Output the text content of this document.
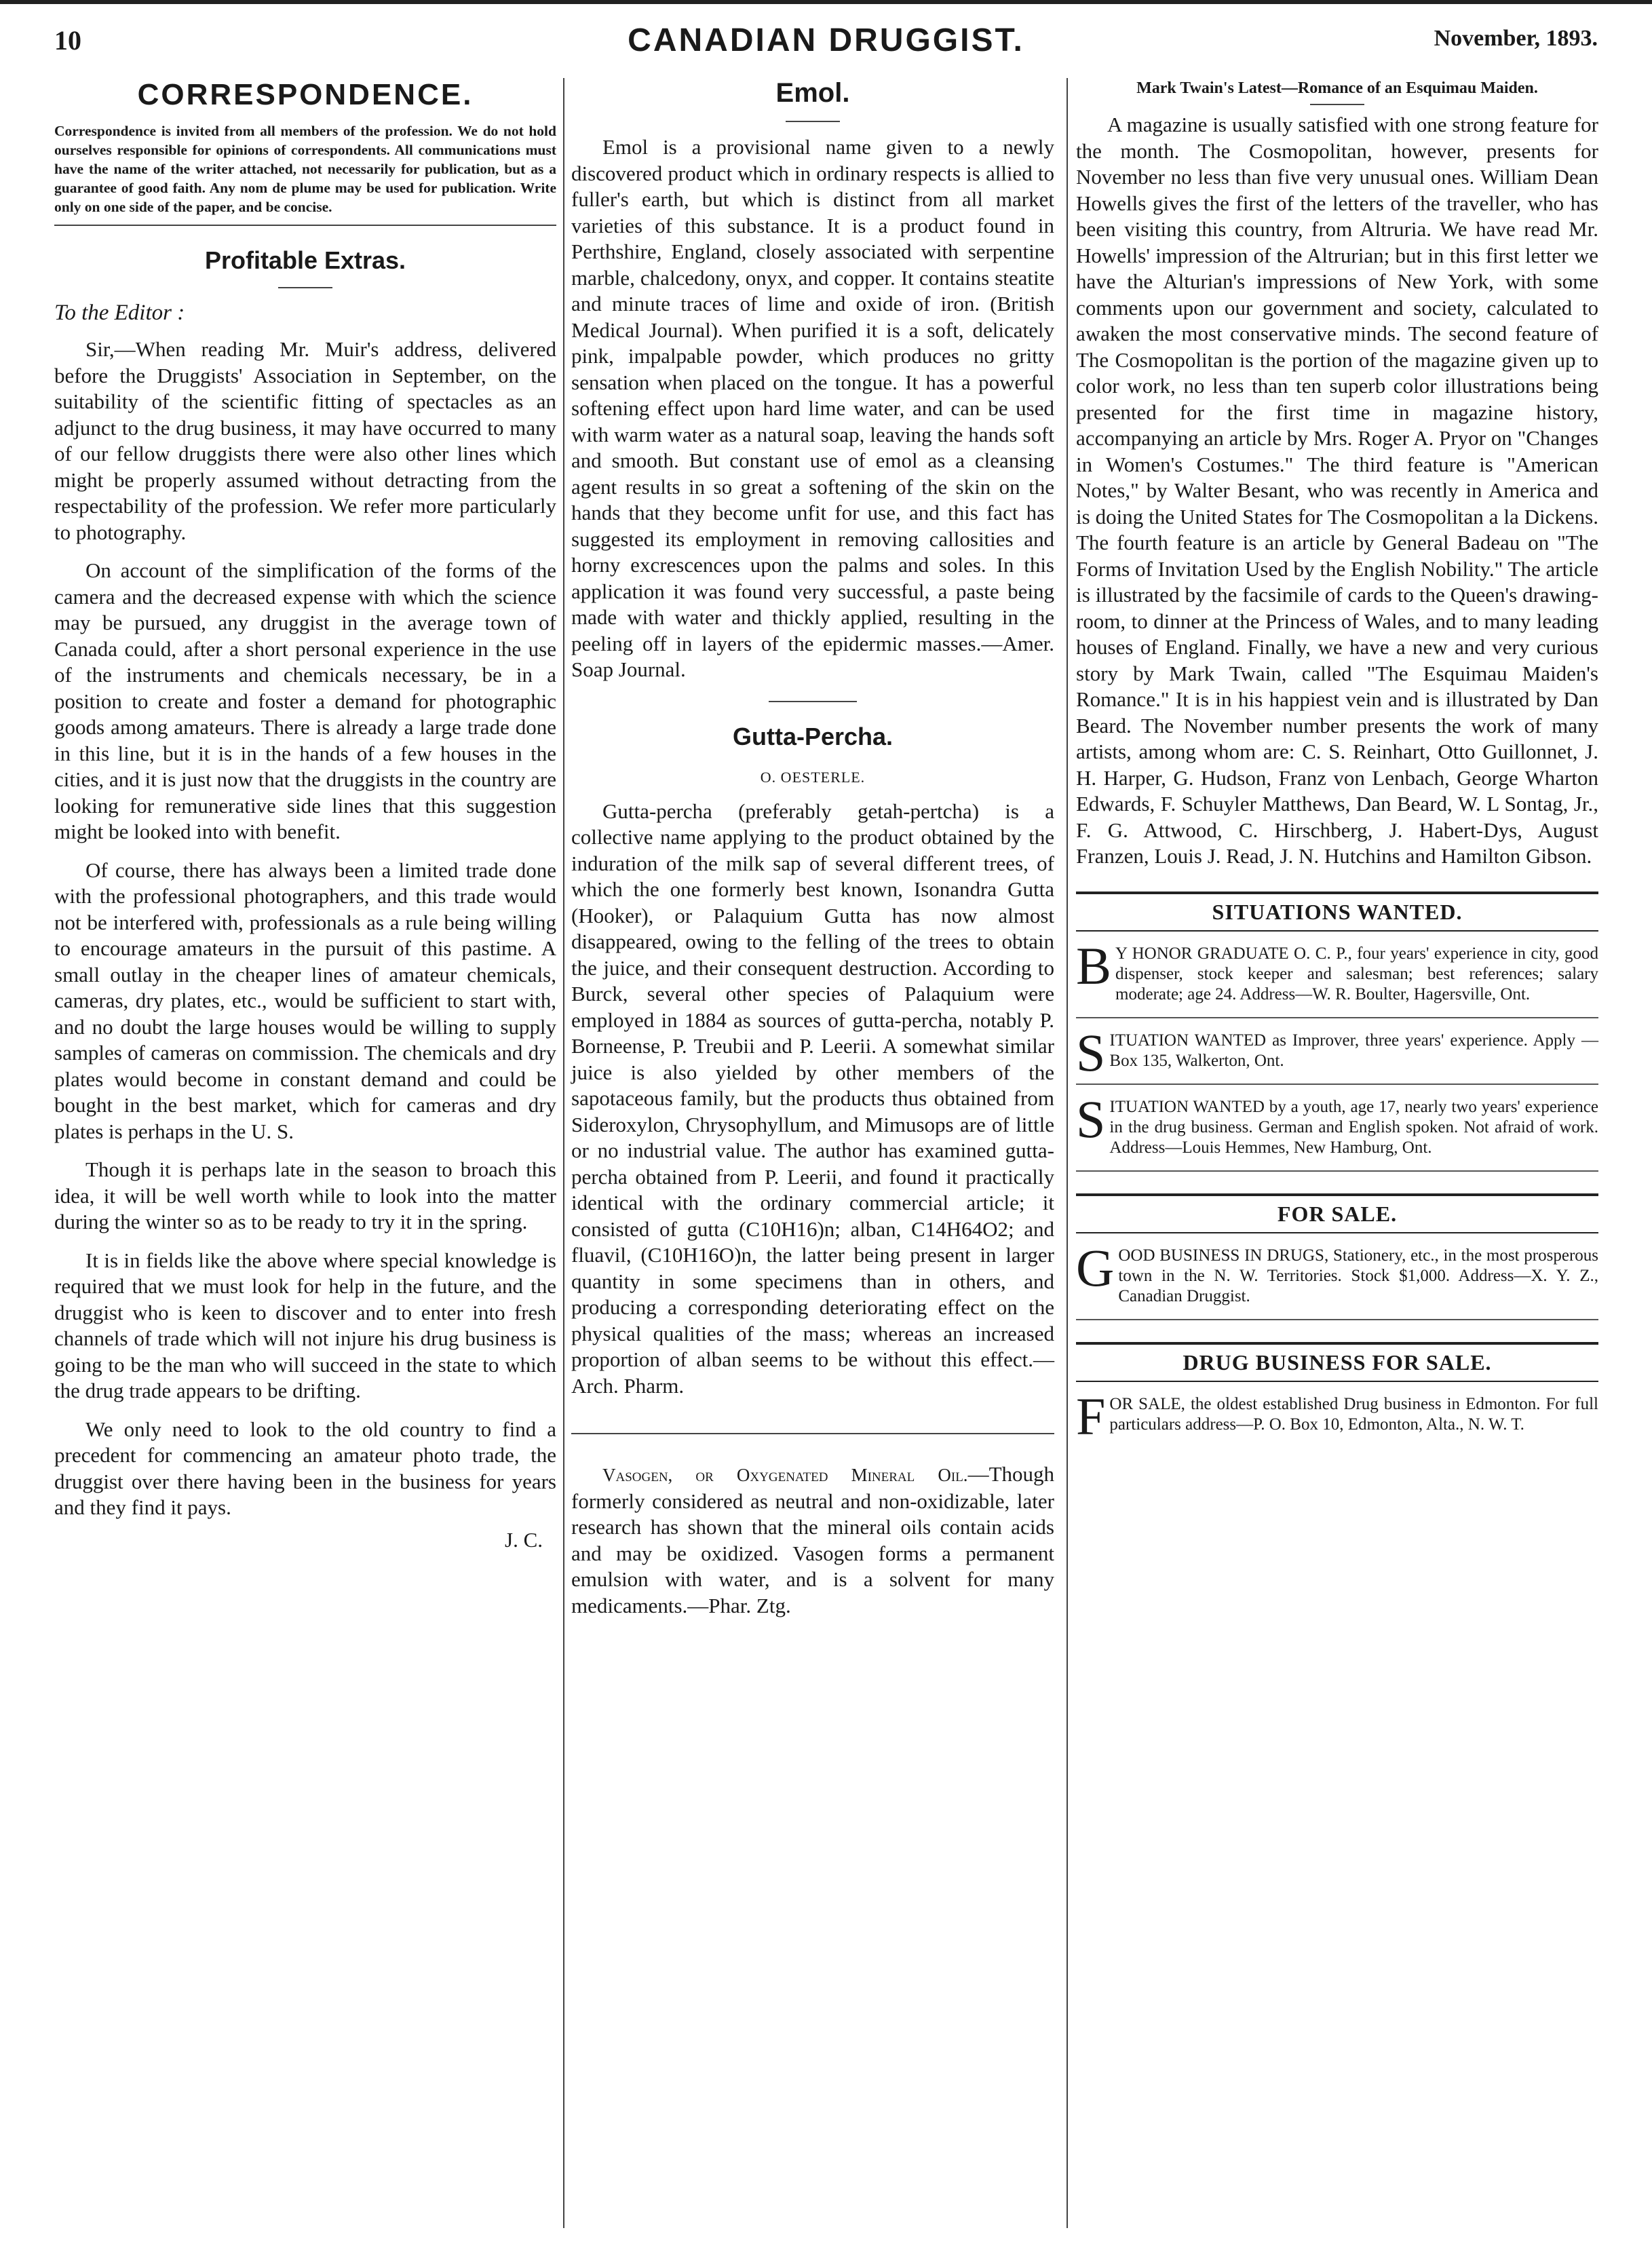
10	CANADIAN DRUGGIST.	November, 1893.
CORRESPONDENCE.
Correspondence is invited from all members of the profession. We do not hold ourselves responsible for opinions of correspondents. All communications must have the name of the writer attached, not necessarily for publication, but as a guarantee of good faith. Any nom de plume may be used for publication. Write only on one side of the paper, and be concise.
Profitable Extras.
To the Editor :

Sir,—When reading Mr. Muir's address, delivered before the Druggists' Association in September, on the suitability of the scientific fitting of spectacles as an adjunct to the drug business, it may have occurred to many of our fellow druggists there were also other lines which might be properly assumed without detracting from the respectability of the profession. We refer more particularly to photography.

On account of the simplification of the forms of the camera and the decreased expense with which the science may be pursued, any druggist in the average town of Canada could, after a short personal experience in the use of the instruments and chemicals necessary, be in a position to create and foster a demand for photographic goods among amateurs. There is already a large trade done in this line, but it is in the hands of a few houses in the cities, and it is just now that the druggists in the country are looking for remunerative side lines that this suggestion might be looked into with benefit.

Of course, there has always been a limited trade done with the professional photographers, and this trade would not be interfered with, professionals as a rule being willing to encourage amateurs in the pursuit of this pastime. A small outlay in the cheaper lines of amateur chemicals, cameras, dry plates, etc., would be sufficient to start with, and no doubt the large houses would be willing to supply samples of cameras on commission. The chemicals and dry plates would become in constant demand and could be bought in the best market, which for cameras and dry plates is perhaps in the U. S.

Though it is perhaps late in the season to broach this idea, it will be well worth while to look into the matter during the winter so as to be ready to try it in the spring.

It is in fields like the above where special knowledge is required that we must look for help in the future, and the druggist who is keen to discover and to enter into fresh channels of trade which will not injure his drug business is going to be the man who will succeed in the state to which the drug trade appears to be drifting.

We only need to look to the old country to find a precedent for commencing an amateur photo trade, the druggist over there having been in the business for years and they find it pays.

J. C.
Emol.

Emol is a provisional name given to a newly discovered product which in ordinary respects is allied to fuller's earth, but which is distinct from all market varieties of this substance. It is a product found in Perthshire, England, closely associated with serpentine marble, chalcedony, onyx, and copper. It contains steatite and minute traces of lime and oxide of iron. (British Medical Journal). When purified it is a soft, delicately pink, impalpable powder, which produces no gritty sensation when placed on the tongue. It has a powerful softening effect upon hard lime water, and can be used with warm water as a natural soap, leaving the hands soft and smooth. But constant use of emol as a cleansing agent results in so great a softening of the skin on the hands that they become unfit for use, and this fact has suggested its employment in removing callosities and horny excrescences upon the palms and soles. In this application it was found very successful, a paste being made with water and thickly applied, resulting in the peeling off in layers of the epidermic masses.—Amer. Soap Journal.

Gutta-Percha.
O. OESTERLE.

Gutta-percha (preferably getah-pertcha) is a collective name applying to the product obtained by the induration of the milk sap of several different trees, of which the one formerly best known, Isonandra Gutta (Hooker), or Palaquium Gutta has now almost disappeared, owing to the felling of the trees to obtain the juice, and their consequent destruction. According to Burck, several other species of Palaquium were employed in 1884 as sources of gutta-percha, notably P. Borneense, P. Treubii and P. Leerii. A somewhat similar juice is also yielded by other members of the sapotaceous family, but the products thus obtained from Sideroxylon, Chrysophyllum, and Mimusops are of little or no industrial value. The author has examined gutta-percha obtained from P. Leerii, and found it practically identical with the ordinary commercial article; it consisted of gutta (C10H16)n; alban, C14H64O2; and fluavil, (C10H16O)n, the latter being present in larger quantity in some specimens than in others, and producing a corresponding deteriorating effect on the physical qualities of the mass; whereas an increased proportion of alban seems to be without this effect.—Arch. Pharm.

Vasogen, or Oxygenated Mineral Oil.—Though formerly considered as neutral and non-oxidizable, later research has shown that the mineral oils contain acids and may be oxidized. Vasogen forms a permanent emulsion with water, and is a solvent for many medicaments.—Phar. Ztg.

Mark Twain's Latest—Romance of an Esquimau Maiden.

A magazine is usually satisfied with one strong feature for the month. The Cosmopolitan, however, presents for November no less than five very unusual ones. William Dean Howells gives the first of the letters of the traveller, who has been visiting this country, from Altruria. We have read Mr. Howells' impression of the Altrurian; but in this first letter we have the Alturian's impressions of New York, with some comments upon our government and society, calculated to awaken the most conservative minds. The second feature of The Cosmopolitan is the portion of the magazine given up to color work, no less than ten superb color illustrations being presented for the first time in magazine history, accompanying an article by Mrs. Roger A. Pryor on "Changes in Women's Costumes." The third feature is "American Notes," by Walter Besant, who was recently in America and is doing the United States for The Cosmopolitan a la Dickens. The fourth feature is an article by General Badeau on "The Forms of Invitation Used by the English Nobility." The article is illustrated by the facsimile of cards to the Queen's drawing-room, to dinner at the Princess of Wales, and to many leading houses of England. Finally, we have a new and very curious story by Mark Twain, called "The Esquimau Maiden's Romance." It is in his happiest vein and is illustrated by Dan Beard. The November number presents the work of many artists, among whom are: C. S. Reinhart, Otto Guillonnet, J. H. Harper, G. Hudson, Franz von Lenbach, George Wharton Edwards, F. Schuyler Matthews, Dan Beard, W. L Sontag, Jr., F. G. Attwood, C. Hirschberg, J. Habert-Dys, August Franzen, Louis J. Read, J. N. Hutchins and Hamilton Gibson.

SITUATIONS WANTED.
B Y HONOR GRADUATE O. C. P., four years' experience in city, good dispenser, stock keeper and salesman; best references; salary moderate; age 24. Address—W. R. Boulter, Hagersville, Ont.
SITUATION WANTED as Improver, three years' experience. Apply — Box 135, Walkerton, Ont.
SITUATION WANTED by a youth, age 17, nearly two years' experience in the drug business. German and English spoken. Not afraid of work. Address—Louis Hemmes, New Hamburg, Ont.
FOR SALE.
GOOD BUSINESS IN DRUGS, Stationery, etc., in the most prosperous town in the N. W. Territories. Stock $1,000. Address—X. Y. Z., Canadian Druggist.
DRUG BUSINESS FOR SALE.
FOR SALE, the oldest established Drug business in Edmonton. For full particulars address—P. O. Box 10, Edmonton, Alta., N. W. T.
